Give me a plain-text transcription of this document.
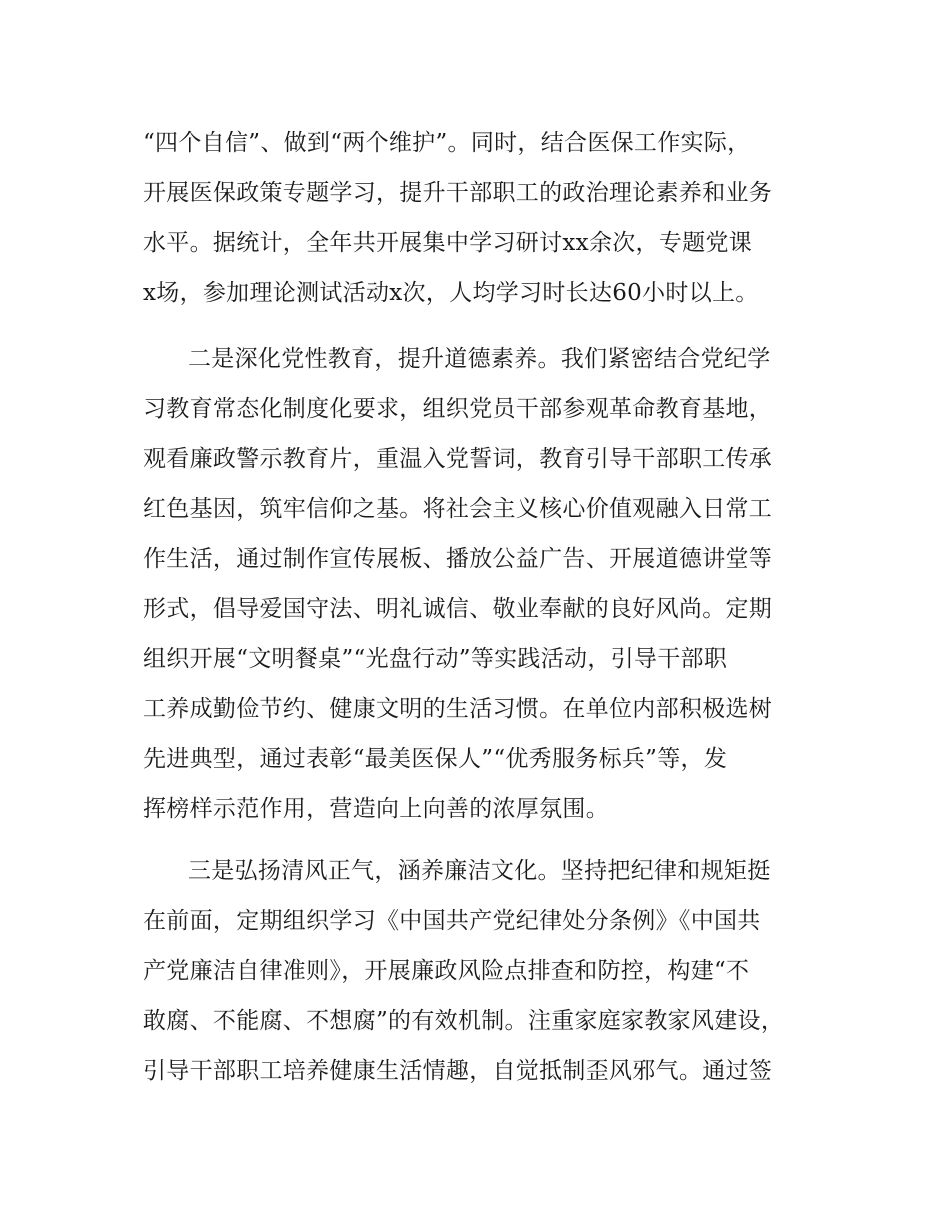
“四个自信”、做到“两个维护”。同时，结合医保工作实际，
开展医保政策专题学习，提升干部职工的政治理论素养和业务
水平。据统计，全年共开展集中学习研讨xx余次，专题党课
x场，参加理论测试活动x次，人均学习时长达60小时以上。
二是深化党性教育，提升道德素养。我们紧密结合党纪学
习教育常态化制度化要求，组织党员干部参观革命教育基地，
观看廉政警示教育片，重温入党誓词，教育引导干部职工传承
红色基因，筑牢信仰之基。将社会主义核心价值观融入日常工
作生活，通过制作宣传展板、播放公益广告、开展道德讲堂等
形式，倡导爱国守法、明礼诚信、敬业奉献的良好风尚。定期
组织开展“文明餐桌”“光盘行动”等实践活动，引导干部职
工养成勤俭节约、健康文明的生活习惯。在单位内部积极选树
先进典型，通过表彰“最美医保人”“优秀服务标兵”等，发
挥榜样示范作用，营造向上向善的浓厚氛围。
三是弘扬清风正气，涵养廉洁文化。坚持把纪律和规矩挺
在前面，定期组织学习《中国共产党纪律处分条例》《中国共
产党廉洁自律准则》，开展廉政风险点排查和防控，构建“不
敢腐、不能腐、不想腐”的有效机制。注重家庭家教家风建设，
引导干部职工培养健康生活情趣，自觉抵制歪风邪气。通过签
